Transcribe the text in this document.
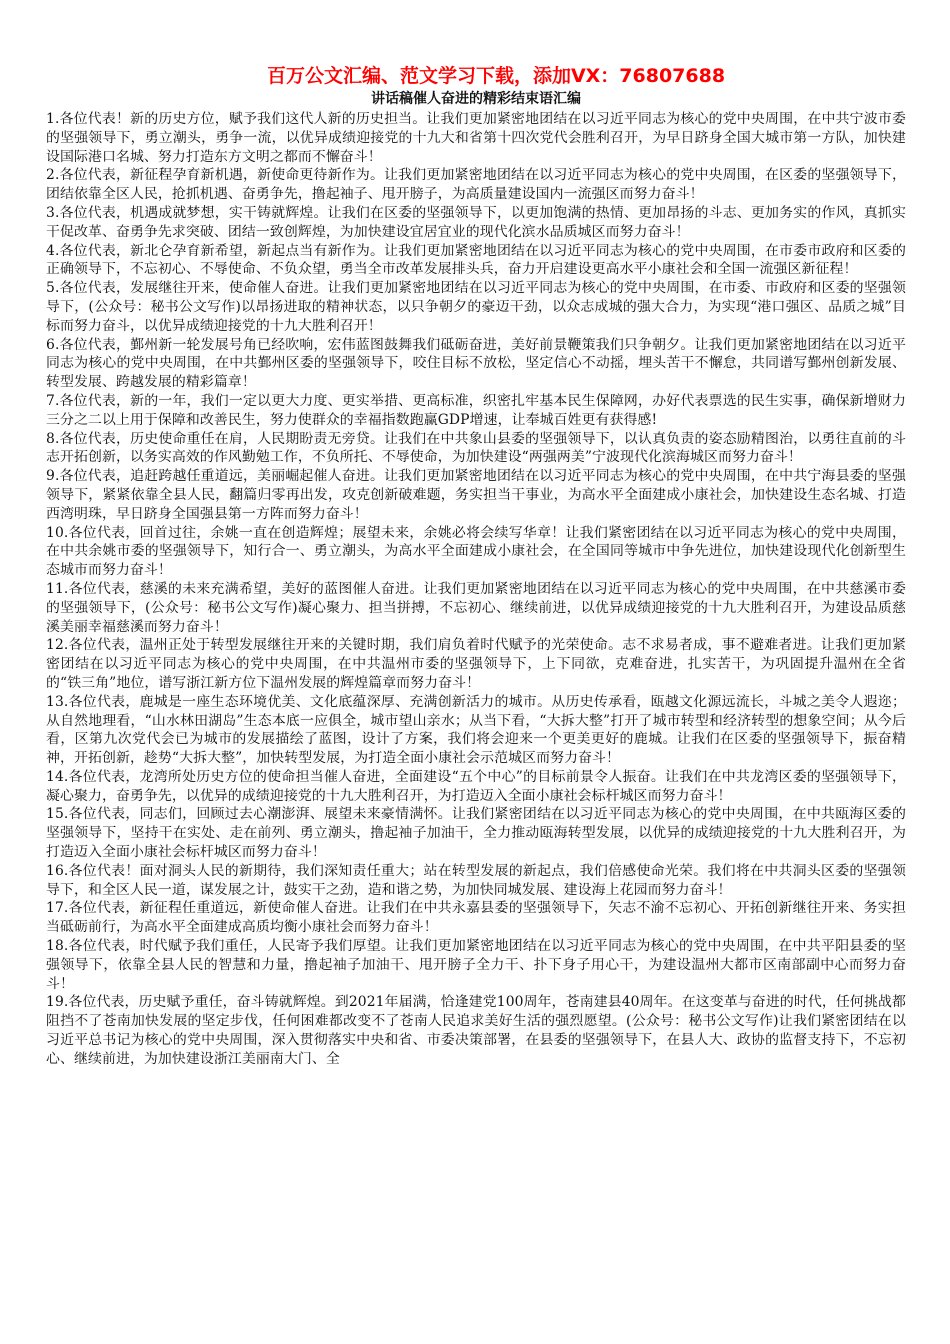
百万公文汇编、范文学习下载，添加VX：76807688
讲话稿催人奋进的精彩结束语汇编

1.各位代表！新的历史方位，赋予我们这代人新的历史担当。让我们更加紧密地团结在以习近平同志为核心的党中央周围，在中共宁波市委的坚强领导下，勇立潮头，勇争一流，以优异成绩迎接党的十九大和省第十四次党代会胜利召开，为早日跻身全国大城市第一方队，加快建设国际港口名城、努力打造东方文明之都而不懈奋斗！

2.各位代表，新征程孕育新机遇，新使命更待新作为。让我们更加紧密地团结在以习近平同志为核心的党中央周围，在区委的坚强领导下，团结依靠全区人民，抢抓机遇、奋勇争先，撸起袖子、甩开膀子，为高质量建设国内一流强区而努力奋斗！

3.各位代表，机遇成就梦想，实干铸就辉煌。让我们在区委的坚强领导下，以更加饱满的热情、更加昂扬的斗志、更加务实的作风，真抓实干促改革、奋勇争先求突破、团结一致创辉煌，为加快建设宜居宜业的现代化滨水品质城区而努力奋斗！

4.各位代表，新北仑孕育新希望，新起点当有新作为。让我们更加紧密地团结在以习近平同志为核心的党中央周围，在市委市政府和区委的正确领导下，不忘初心、不辱使命、不负众望，勇当全市改革发展排头兵，奋力开启建设更高水平小康社会和全国一流强区新征程！

5.各位代表，发展继往开来，使命催人奋进。让我们更加紧密地团结在以习近平同志为核心的党中央周围，在市委、市政府和区委的坚强领导下，(公众号：秘书公文写作)以昂扬进取的精神状态，以只争朝夕的豪迈干劲，以众志成城的强大合力，为实现“港口强区、品质之城”目标而努力奋斗，以优异成绩迎接党的十九大胜利召开！

6.各位代表，鄞州新一轮发展号角已经吹响，宏伟蓝图鼓舞我们砥砺奋进，美好前景鞭策我们只争朝夕。让我们更加紧密地团结在以习近平同志为核心的党中央周围，在中共鄞州区委的坚强领导下，咬住目标不放松，坚定信心不动摇，埋头苦干不懈怠，共同谱写鄞州创新发展、转型发展、跨越发展的精彩篇章！

7.各位代表，新的一年，我们一定以更大力度、更实举措、更高标准，织密扎牢基本民生保障网，办好代表票选的民生实事，确保新增财力三分之二以上用于保障和改善民生，努力使群众的幸福指数跑赢GDP增速，让奉城百姓更有获得感!

8.各位代表，历史使命重任在肩，人民期盼责无旁贷。让我们在中共象山县委的坚强领导下，以认真负责的姿态励精图治，以勇往直前的斗志开拓创新，以务实高效的作风勤勉工作，不负所托、不辱使命，为加快建设“两强两美”宁波现代化滨海城区而努力奋斗！

9.各位代表，追赶跨越任重道远，美丽崛起催人奋进。让我们更加紧密地团结在以习近平同志为核心的党中央周围，在中共宁海县委的坚强领导下，紧紧依靠全县人民，翻篇归零再出发，攻克创新破难题，务实担当干事业，为高水平全面建成小康社会，加快建设生态名城、打造西湾明珠，早日跻身全国强县第一方阵而努力奋斗！

10.各位代表，回首过往，余姚一直在创造辉煌；展望未来，余姚必将会续写华章！让我们紧密团结在以习近平同志为核心的党中央周围，在中共余姚市委的坚强领导下，知行合一、勇立潮头，为高水平全面建成小康社会，在全国同等城市中争先进位，加快建设现代化创新型生态城市而努力奋斗！

11.各位代表，慈溪的未来充满希望，美好的蓝图催人奋进。让我们更加紧密地团结在以习近平同志为核心的党中央周围，在中共慈溪市委的坚强领导下，(公众号：秘书公文写作)凝心聚力、担当拼搏，不忘初心、继续前进，以优异成绩迎接党的十九大胜利召开，为建设品质慈溪美丽幸福慈溪而努力奋斗！

12.各位代表，温州正处于转型发展继往开来的关键时期，我们肩负着时代赋予的光荣使命。志不求易者成，事不避难者进。让我们更加紧密团结在以习近平同志为核心的党中央周围，在中共温州市委的坚强领导下，上下同欲，克难奋进，扎实苦干，为巩固提升温州在全省的“铁三角”地位，谱写浙江新方位下温州发展的辉煌篇章而努力奋斗！

13.各位代表，鹿城是一座生态环境优美、文化底蕴深厚、充满创新活力的城市。从历史传承看，瓯越文化源远流长，斗城之美令人遐迩；从自然地理看，“山水林田湖岛”生态本底一应俱全，城市望山亲水；从当下看，“大拆大整”打开了城市转型和经济转型的想象空间；从今后看，区第九次党代会已为城市的发展描绘了蓝图，设计了方案，我们将会迎来一个更美更好的鹿城。让我们在区委的坚强领导下，振奋精神，开拓创新，趁势“大拆大整”，加快转型发展，为打造全面小康社会示范城区而努力奋斗！

14.各位代表，龙湾所处历史方位的使命担当催人奋进，全面建设“五个中心”的目标前景令人振奋。让我们在中共龙湾区委的坚强领导下，凝心聚力，奋勇争先，以优异的成绩迎接党的十九大胜利召开，为打造迈入全面小康社会标杆城区而努力奋斗！

15.各位代表，同志们，回顾过去心潮澎湃、展望未来豪情满怀。让我们紧密团结在以习近平同志为核心的党中央周围，在中共瓯海区委的坚强领导下，坚持干在实处、走在前列、勇立潮头，撸起袖子加油干，全力推动瓯海转型发展，以优异的成绩迎接党的十九大胜利召开，为打造迈入全面小康社会标杆城区而努力奋斗！

16.各位代表！面对洞头人民的新期待，我们深知责任重大；站在转型发展的新起点，我们倍感使命光荣。我们将在中共洞头区委的坚强领导下，和全区人民一道，谋发展之计，鼓实干之劲，造和谐之势，为加快同城发展、建设海上花园而努力奋斗！

17.各位代表，新征程任重道远，新使命催人奋进。让我们在中共永嘉县委的坚强领导下，矢志不渝不忘初心、开拓创新继往开来、务实担当砥砺前行，为高水平全面建成高质均衡小康社会而努力奋斗！

18.各位代表，时代赋予我们重任，人民寄予我们厚望。让我们更加紧密地团结在以习近平同志为核心的党中央周围，在中共平阳县委的坚强领导下，依靠全县人民的智慧和力量，撸起袖子加油干、甩开膀子全力干、扑下身子用心干，为建设温州大都市区南部副中心而努力奋斗！

19.各位代表，历史赋予重任，奋斗铸就辉煌。到2021年届满，恰逢建党100周年，苍南建县40周年。在这变革与奋进的时代，任何挑战都阻挡不了苍南加快发展的坚定步伐，任何困难都改变不了苍南人民追求美好生活的强烈愿望。(公众号：秘书公文写作)让我们紧密团结在以习近平总书记为核心的党中央周围，深入贯彻落实中央和省、市委决策部署，在县委的坚强领导下，在县人大、政协的监督支持下，不忘初心、继续前进，为加快建设浙江美丽南大门、全
